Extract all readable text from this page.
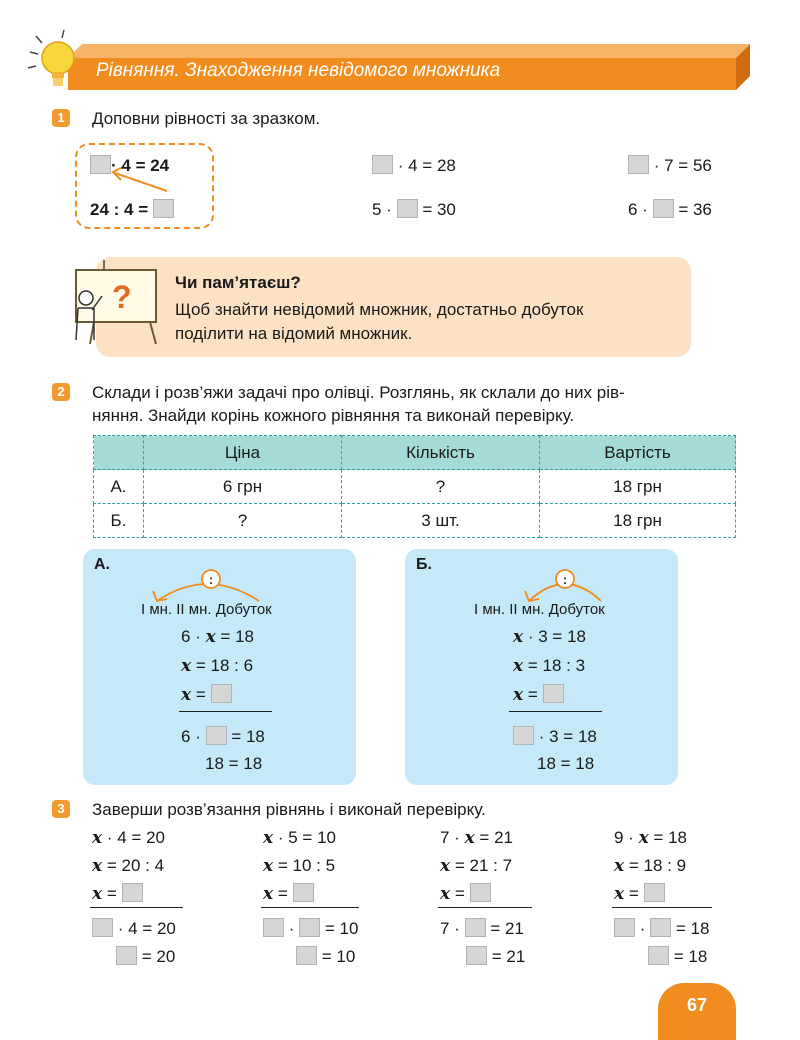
Рівняння. Знаходження невідомого множника
1	Доповни рівності за зразком.
· 4 = 24
24 : 4 =
· 4 = 28	· 7 = 56
5 · = 30	6 · = 36
?	Чи пам’ятаєш?
Щоб знайти невідомий множник, достатньо добуток
поділити на відомий множник.
2	Склади і розв’яжи задачі про олівці. Розглянь, як склали до них рів-
няння. Знайди корінь кожного рівняння та виконай перевірку.
	Ціна	Кількість	Вартість
А.	6 грн	?	18 грн
Б.	?	3 шт.	18 грн
А.
:
І мн. ІІ мн. Добуток
6 · x = 18
x = 18 : 6
x =
6 · = 18
18 = 18
Б.
:
І мн. ІІ мн. Добуток
x · 3 = 18
x = 18 : 3
x =
· 3 = 18
18 = 18
3	Заверши розв’язання рівнянь і виконай перевірку.
x · 4 = 20
x = 20 : 4
x =
· 4 = 20
= 20
x · 5 = 10
x = 10 : 5
x =
· = 10
= 10
7 · x = 21
x = 21 : 7
x =
7 · = 21
= 21
9 · x = 18
x = 18 : 9
x =
· = 18
= 18
67
